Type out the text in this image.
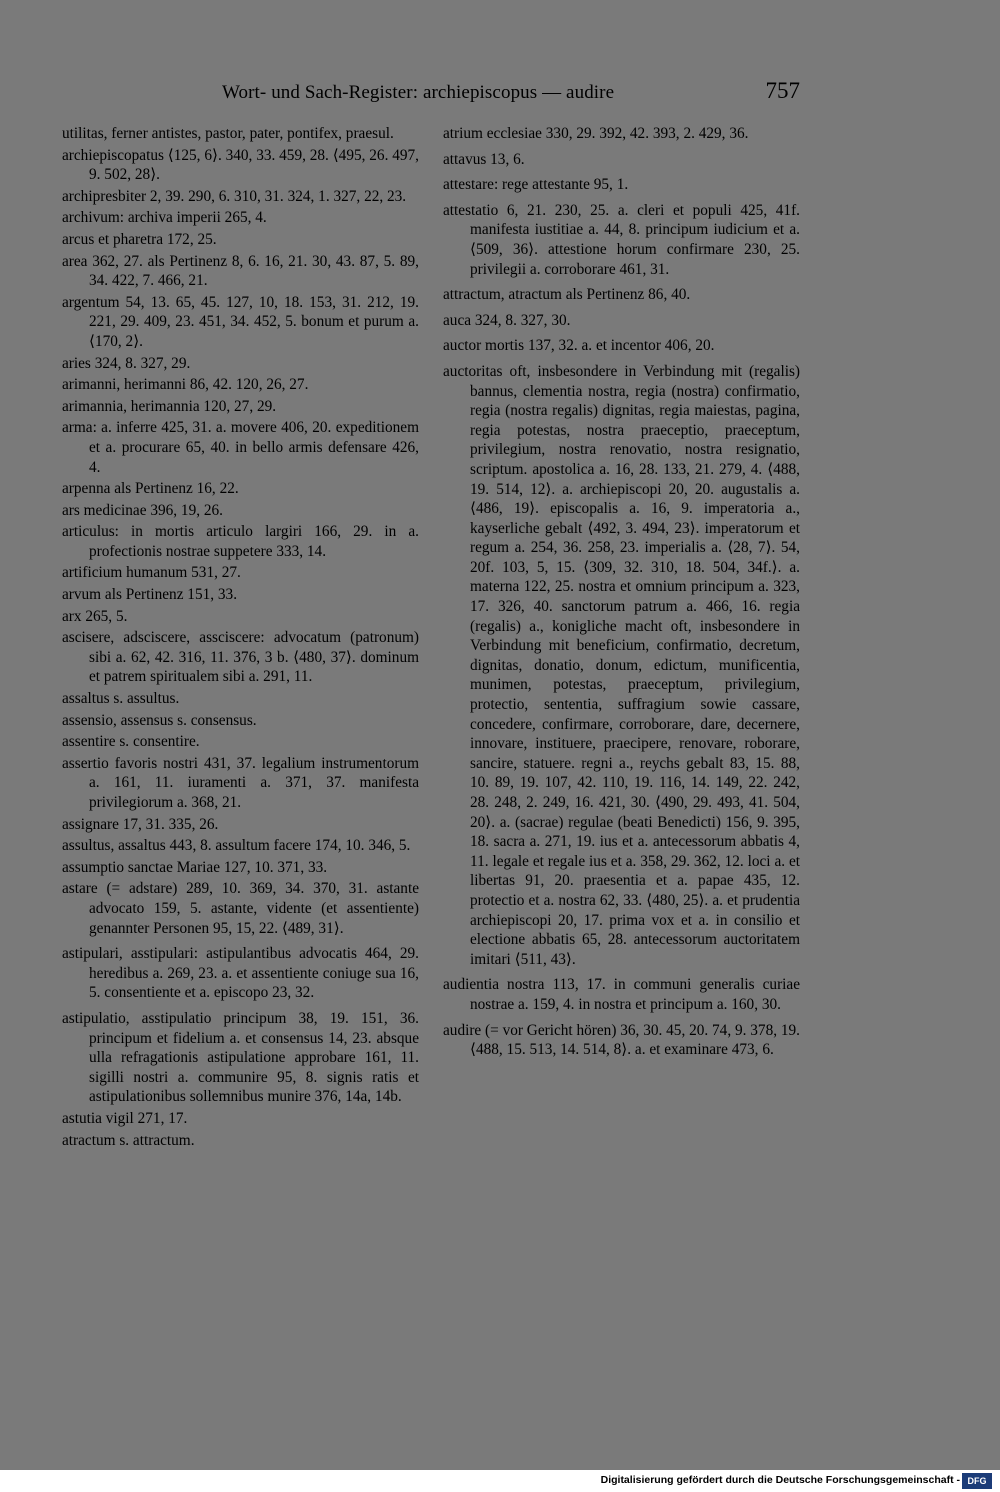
Wort- und Sach-Register: archiepiscopus — audire	757

utilitas, ferner antistes, pastor, pater, pontifex, praesul.

archiepiscopatus ⟨125, 6⟩. 340, 33. 459, 28. ⟨495, 26. 497, 9. 502, 28⟩.

archipresbiter 2, 39. 290, 6. 310, 31. 324, 1. 327, 22, 23.

archivum: archiva imperii 265, 4.

arcus et pharetra 172, 25.

area 362, 27. als Pertinenz 8, 6. 16, 21. 30, 43. 87, 5. 89, 34. 422, 7. 466, 21.

argentum 54, 13. 65, 45. 127, 10, 18. 153, 31. 212, 19. 221, 29. 409, 23. 451, 34. 452, 5. bonum et purum a. ⟨170, 2⟩.

aries 324, 8. 327, 29.

arimanni, herimanni 86, 42. 120, 26, 27.

arimannia, herimannia 120, 27, 29.

arma: a. inferre 425, 31. a. movere 406, 20. expeditionem et a. procurare 65, 40. in bello armis defensare 426, 4.

arpenna als Pertinenz 16, 22.

ars medicinae 396, 19, 26.

articulus: in mortis articulo largiri 166, 29. in a. profectionis nostrae suppetere 333, 14.

artificium humanum 531, 27.

arvum als Pertinenz 151, 33.

arx 265, 5.

ascisere, adsciscere, assciscere: advocatum (patronum) sibi a. 62, 42. 316, 11. 376, 3 b. ⟨480, 37⟩. dominum et patrem spiritualem sibi a. 291, 11.

assaltus s. assultus.

assensio, assensus s. consensus.

assentire s. consentire.

assertio favoris nostri 431, 37. legalium instrumentorum a. 161, 11. iuramenti a. 371, 37. manifesta privilegiorum a. 368, 21.

assignare 17, 31. 335, 26.

assultus, assaltus 443, 8. assultum facere 174, 10. 346, 5.

assumptio sanctae Mariae 127, 10. 371, 33.

astare (= adstare) 289, 10. 369, 34. 370, 31. astante advocato 159, 5. astante, vidente (et assentiente) genannter Personen 95, 15, 22. ⟨489, 31⟩.

astipulari, asstipulari: astipulantibus advocatis 464, 29. heredibus a. 269, 23. a. et assentiente coniuge sua 16, 5. consentiente et a. episcopo 23, 32.

astipulatio, asstipulatio principum 38, 19. 151, 36. principum et fidelium a. et consensus 14, 23. absque ulla refragationis astipulatione approbare 161, 11. sigilli nostri a. communire 95, 8. signis ratis et astipulationibus sollemnibus munire 376, 14a, 14b.

astutia vigil 271, 17.

atractum s. attractum.

atrium ecclesiae 330, 29. 392, 42. 393, 2. 429, 36.

attavus 13, 6.

attestare: rege attestante 95, 1.

attestatio 6, 21. 230, 25. a. cleri et populi 425, 41f. manifesta iustitiae a. 44, 8. principum iudicium et a. ⟨509, 36⟩. attestione horum confirmare 230, 25. privilegii a. corroborare 461, 31.

attractum, atractum als Pertinenz 86, 40.

auca 324, 8. 327, 30.

auctor mortis 137, 32. a. et incentor 406, 20.

auctoritas oft, insbesondere in Verbindung mit (regalis) bannus, clementia nostra, regia (nostra) confirmatio, regia (nostra regalis) dignitas, regia maiestas, pagina, regia potestas, nostra praeceptio, praeceptum, privilegium, nostra renovatio, nostra resignatio, scriptum. apostolica a. 16, 28. 133, 21. 279, 4. ⟨488, 19. 514, 12⟩. a. archiepiscopi 20, 20. augustalis a. ⟨486, 19⟩. episcopalis a. 16, 9. imperatoria a., kayserliche gebalt ⟨492, 3. 494, 23⟩. imperatorum et regum a. 254, 36. 258, 23. imperialis a. ⟨28, 7⟩. 54, 20f. 103, 5, 15. ⟨309, 32. 310, 18. 504, 34f.⟩. a. materna 122, 25. nostra et omnium principum a. 323, 17. 326, 40. sanctorum patrum a. 466, 16. regia (regalis) a., konigliche macht oft, insbesondere in Verbindung mit beneficium, confirmatio, decretum, dignitas, donatio, donum, edictum, munificentia, munimen, potestas, praeceptum, privilegium, protectio, sententia, suffragium sowie cassare, concedere, confirmare, corroborare, dare, decernere, innovare, instituere, praecipere, renovare, roborare, sancire, statuere. regni a., reychs gebalt 83, 15. 88, 10. 89, 19. 107, 42. 110, 19. 116, 14. 149, 22. 242, 28. 248, 2. 249, 16. 421, 30. ⟨490, 29. 493, 41. 504, 20⟩. a. (sacrae) regulae (beati Benedicti) 156, 9. 395, 18. sacra a. 271, 19. ius et a. antecessorum abbatis 4, 11. legale et regale ius et a. 358, 29. 362, 12. loci a. et libertas 91, 20. praesentia et a. papae 435, 12. protectio et a. nostra 62, 33. ⟨480, 25⟩. a. et prudentia archiepiscopi 20, 17. prima vox et a. in consilio et electione abbatis 65, 28. antecessorum auctoritatem imitari ⟨511, 43⟩.

audientia nostra 113, 17. in communi generalis curiae nostrae a. 159, 4. in nostra et principum a. 160, 30.

audire (= vor Gericht hören) 36, 30. 45, 20. 74, 9. 378, 19. ⟨488, 15. 513, 14. 514, 8⟩. a. et examinare 473, 6.

Digitalisierung gefördert durch die Deutsche Forschungsgemeinschaft - DFG
